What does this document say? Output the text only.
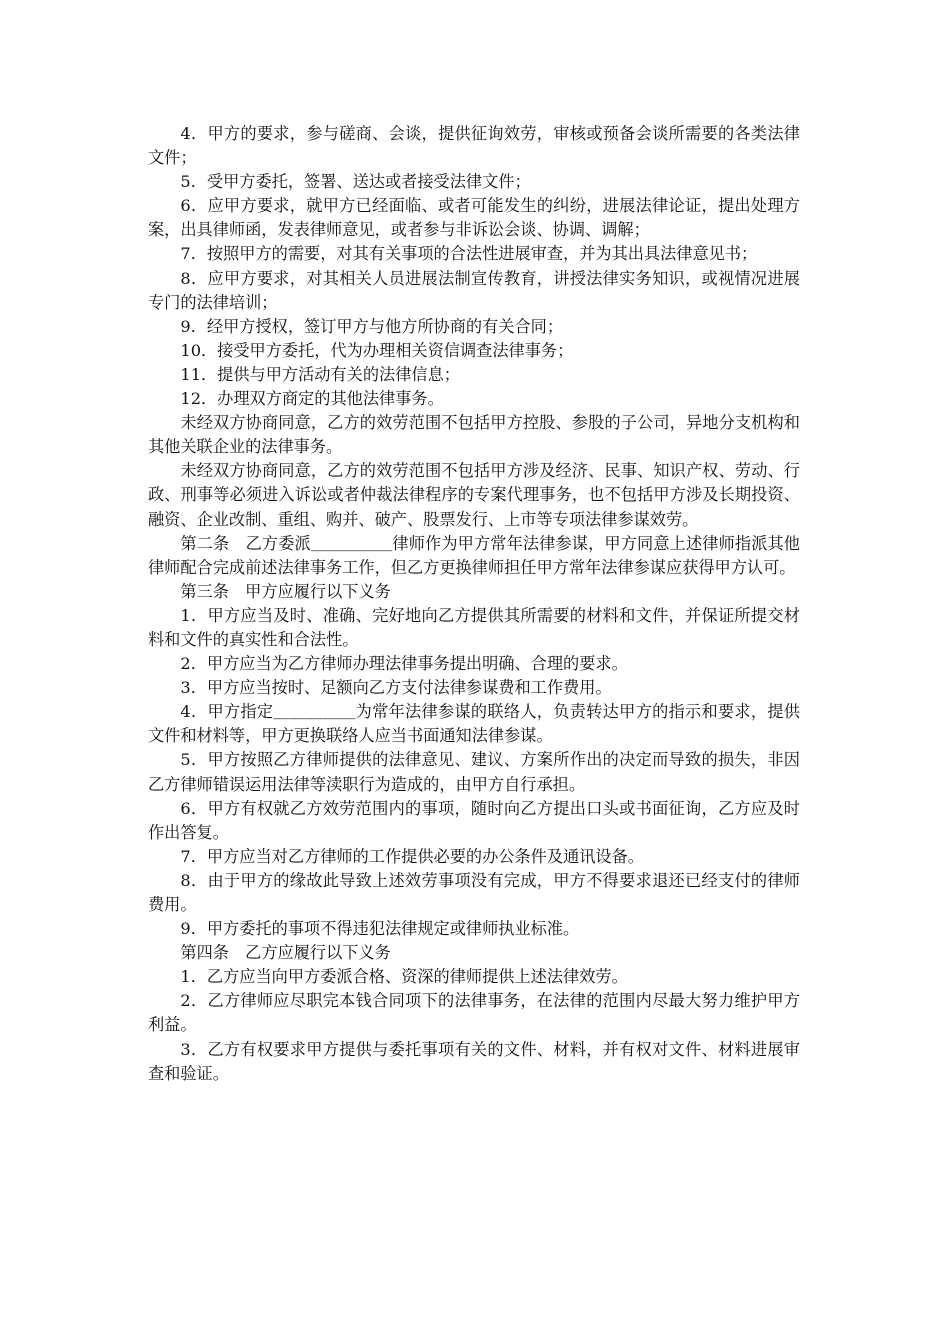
4．甲方的要求，参与磋商、会谈，提供征询效劳，审核或预备会谈所需要的各类法律文件；

5．受甲方委托，签署、送达或者接受法律文件；

6．应甲方要求，就甲方已经面临、或者可能发生的纠纷，进展法律论证，提出处理方案，出具律师函，发表律师意见，或者参与非诉讼会谈、协调、调解；

7．按照甲方的需要，对其有关事项的合法性进展审查，并为其出具法律意见书；

8．应甲方要求，对其相关人员进展法制宣传教育，讲授法律实务知识，或视情况进展专门的法律培训；

9．经甲方授权，签订甲方与他方所协商的有关合同；

10．接受甲方委托，代为办理相关资信调查法律事务；

11．提供与甲方活动有关的法律信息；

12．办理双方商定的其他法律事务。

未经双方协商同意，乙方的效劳范围不包括甲方控股、参股的子公司，异地分支机构和其他关联企业的法律事务。

未经双方协商同意，乙方的效劳范围不包括甲方涉及经济、民事、知识产权、劳动、行政、刑事等必须进入诉讼或者仲裁法律程序的专案代理事务，也不包括甲方涉及长期投资、融资、企业改制、重组、购并、破产、股票发行、上市等专项法律参谋效劳。

第二条　乙方委派＿＿＿＿＿律师作为甲方常年法律参谋，甲方同意上述律师指派其他律师配合完成前述法律事务工作，但乙方更换律师担任甲方常年法律参谋应获得甲方认可。

第三条　甲方应履行以下义务

1．甲方应当及时、准确、完好地向乙方提供其所需要的材料和文件，并保证所提交材料和文件的真实性和合法性。

2．甲方应当为乙方律师办理法律事务提出明确、合理的要求。

3．甲方应当按时、足额向乙方支付法律参谋费和工作费用。

4．甲方指定＿＿＿＿＿为常年法律参谋的联络人，负责转达甲方的指示和要求，提供文件和材料等，甲方更换联络人应当书面通知法律参谋。

5．甲方按照乙方律师提供的法律意见、建议、方案所作出的决定而导致的损失，非因乙方律师错误运用法律等渎职行为造成的，由甲方自行承担。

6．甲方有权就乙方效劳范围内的事项，随时向乙方提出口头或书面征询，乙方应及时作出答复。

7．甲方应当对乙方律师的工作提供必要的办公条件及通讯设备。

8．由于甲方的缘故此导致上述效劳事项没有完成，甲方不得要求退还已经支付的律师费用。

9．甲方委托的事项不得违犯法律规定或律师执业标准。

第四条　乙方应履行以下义务

1．乙方应当向甲方委派合格、资深的律师提供上述法律效劳。

2．乙方律师应尽职完本钱合同项下的法律事务，在法律的范围内尽最大努力维护甲方利益。

3．乙方有权要求甲方提供与委托事项有关的文件、材料，并有权对文件、材料进展审查和验证。
